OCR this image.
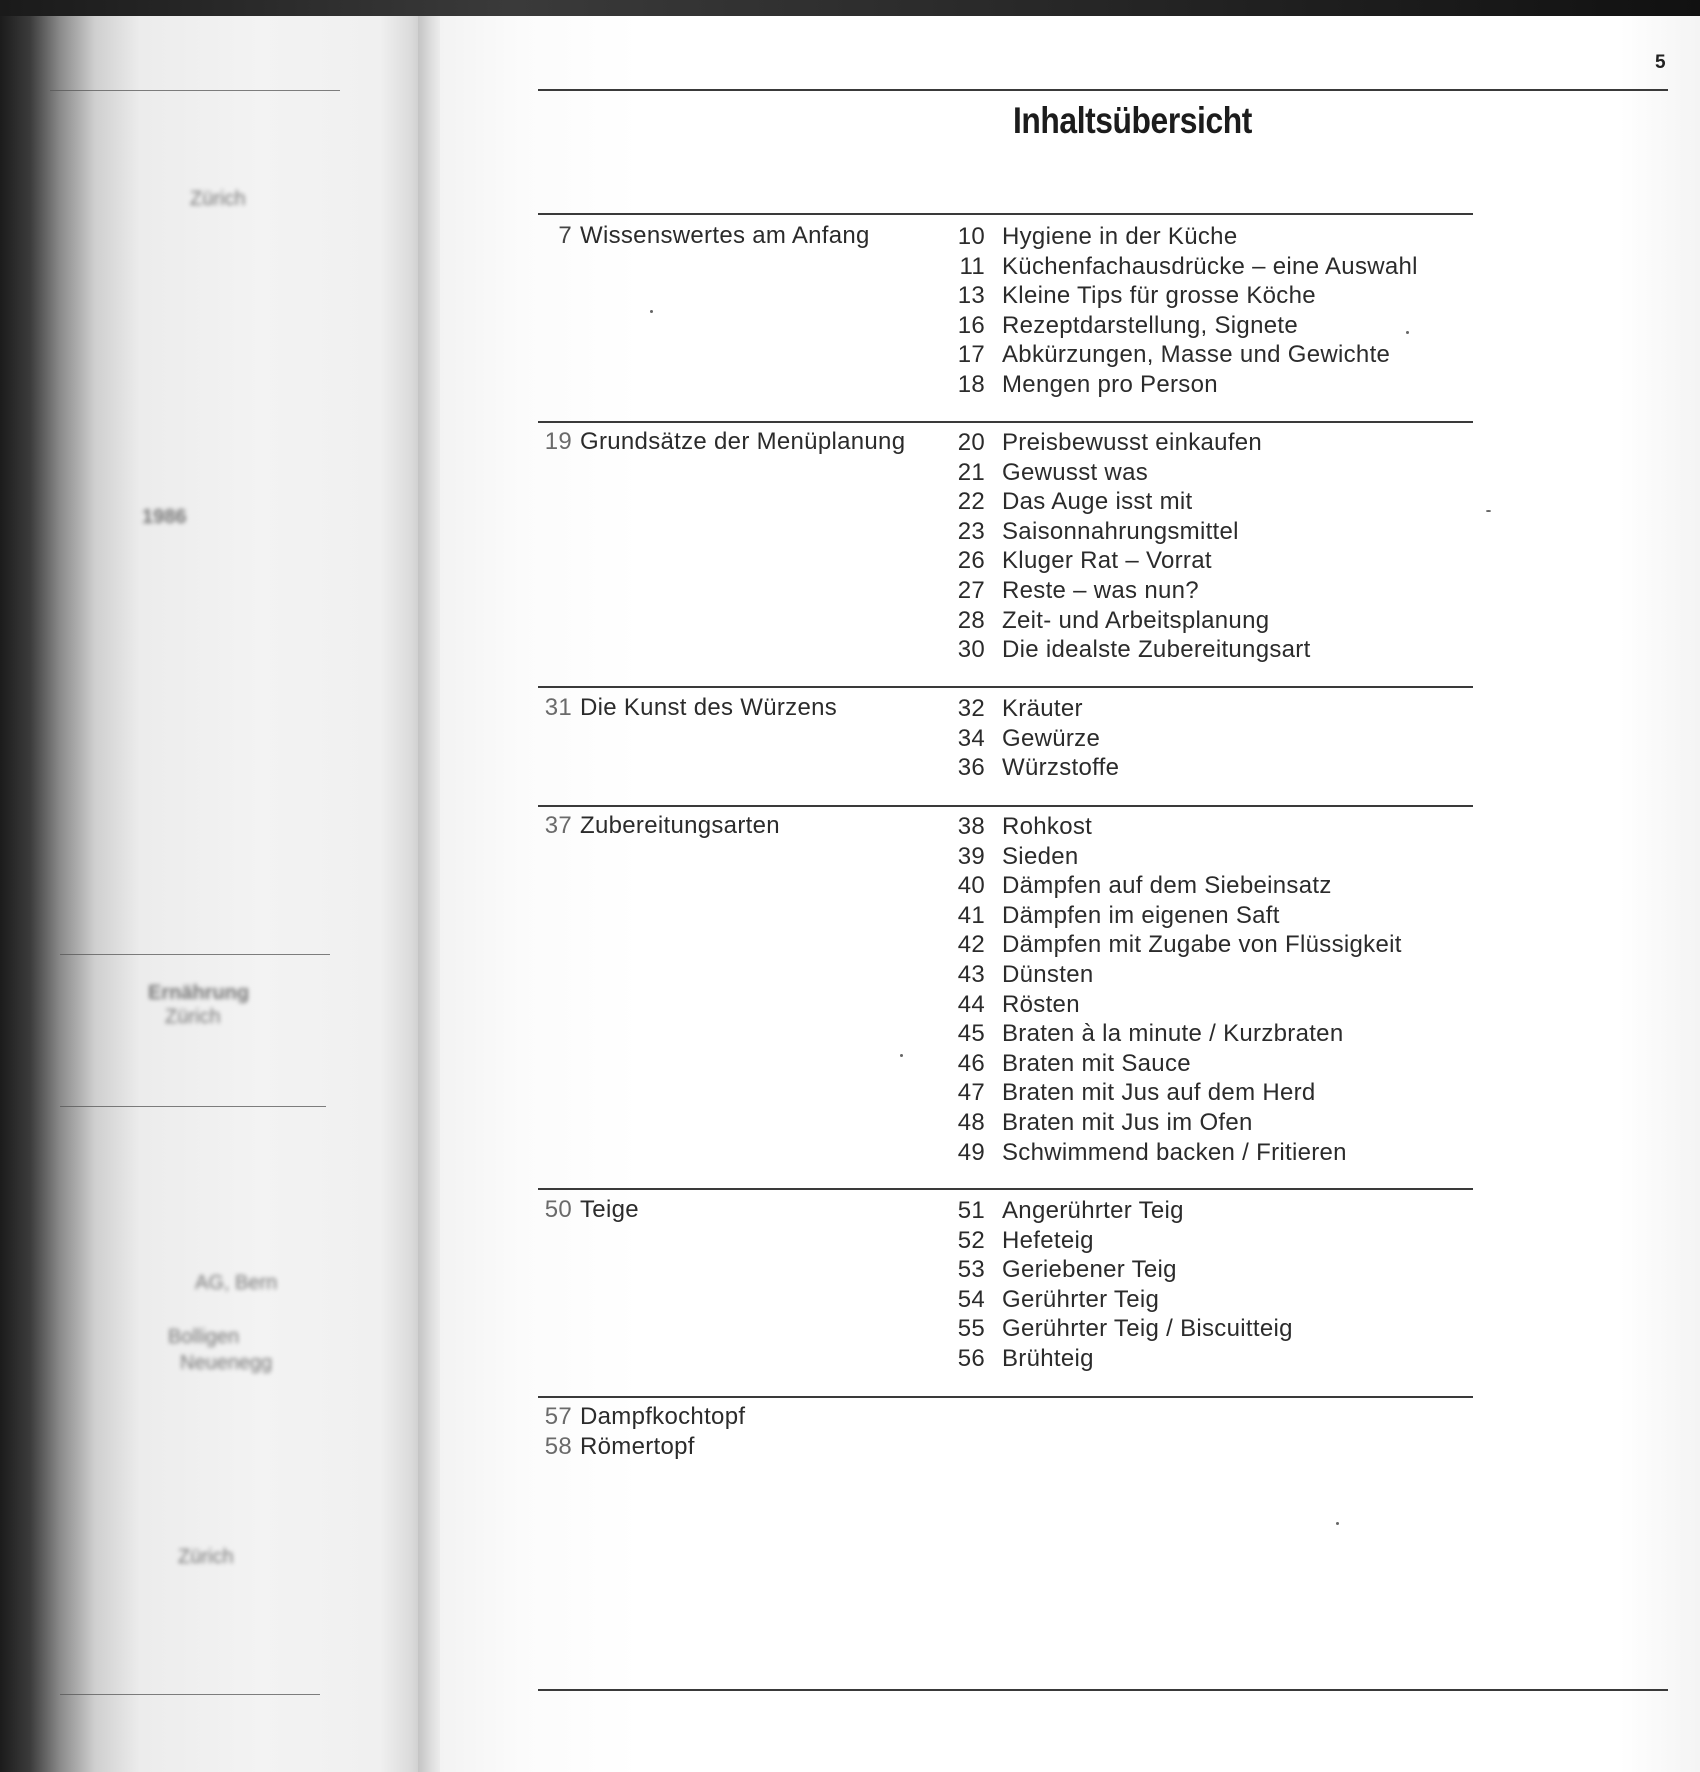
Zürich
1986
Ernährung
Zürich
AG, Bern
Bolligen
Neuenegg
Zürich
5
Inhaltsübersicht
7 Wissenswertes am Anfang	10 Hygiene in der Küche
11 Küchenfachausdrücke – eine Auswahl
13 Kleine Tips für grosse Köche
16 Rezeptdarstellung, Signete
17 Abkürzungen, Masse und Gewichte
18 Mengen pro Person
19 Grundsätze der Menüplanung 20 Preisbewusst einkaufen
21 Gewusst was
22 Das Auge isst mit
23 Saisonnahrungsmittel
26 Kluger Rat – Vorrat
27 Reste – was nun?
28 Zeit- und Arbeitsplanung
30 Die idealste Zubereitungsart
31 Die Kunst des Würzens	32 Kräuter
34 Gewürze
36 Würzstoffe
37 Zubereitungsarten	38 Rohkost
39 Sieden
40 Dämpfen auf dem Siebeinsatz
41 Dämpfen im eigenen Saft
42 Dämpfen mit Zugabe von Flüssigkeit
43 Dünsten
44 Rösten
45 Braten à la minute / Kurzbraten
46 Braten mit Sauce
47 Braten mit Jus auf dem Herd
48 Braten mit Jus im Ofen
49 Schwimmend backen / Fritieren
50 Teige	51 Angerührter Teig
52 Hefeteig
53 Geriebener Teig
54 Gerührter Teig
55 Gerührter Teig / Biscuitteig
56 Brühteig
57 Dampfkochtopf
58 Römertopf
